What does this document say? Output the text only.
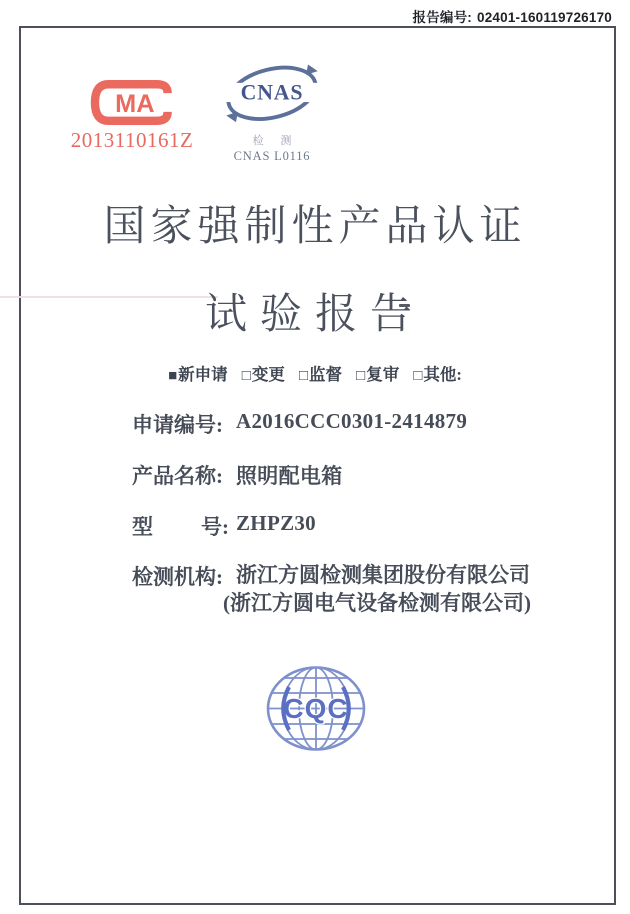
报告编号: 02401-160119726170
MA
2013110161Z
CNAS
检 测
CNAS L0116
国家强制性产品认证
试验报告
■新申请 □变更 □监督 □复审 □其他:
申请编号: A2016CCC0301-2414879
产品名称: 照明配电箱
型 号: ZHPZ30
检测机构: 浙江方圆检测集团股份有限公司
(浙江方圆电气设备检测有限公司)
CQC
